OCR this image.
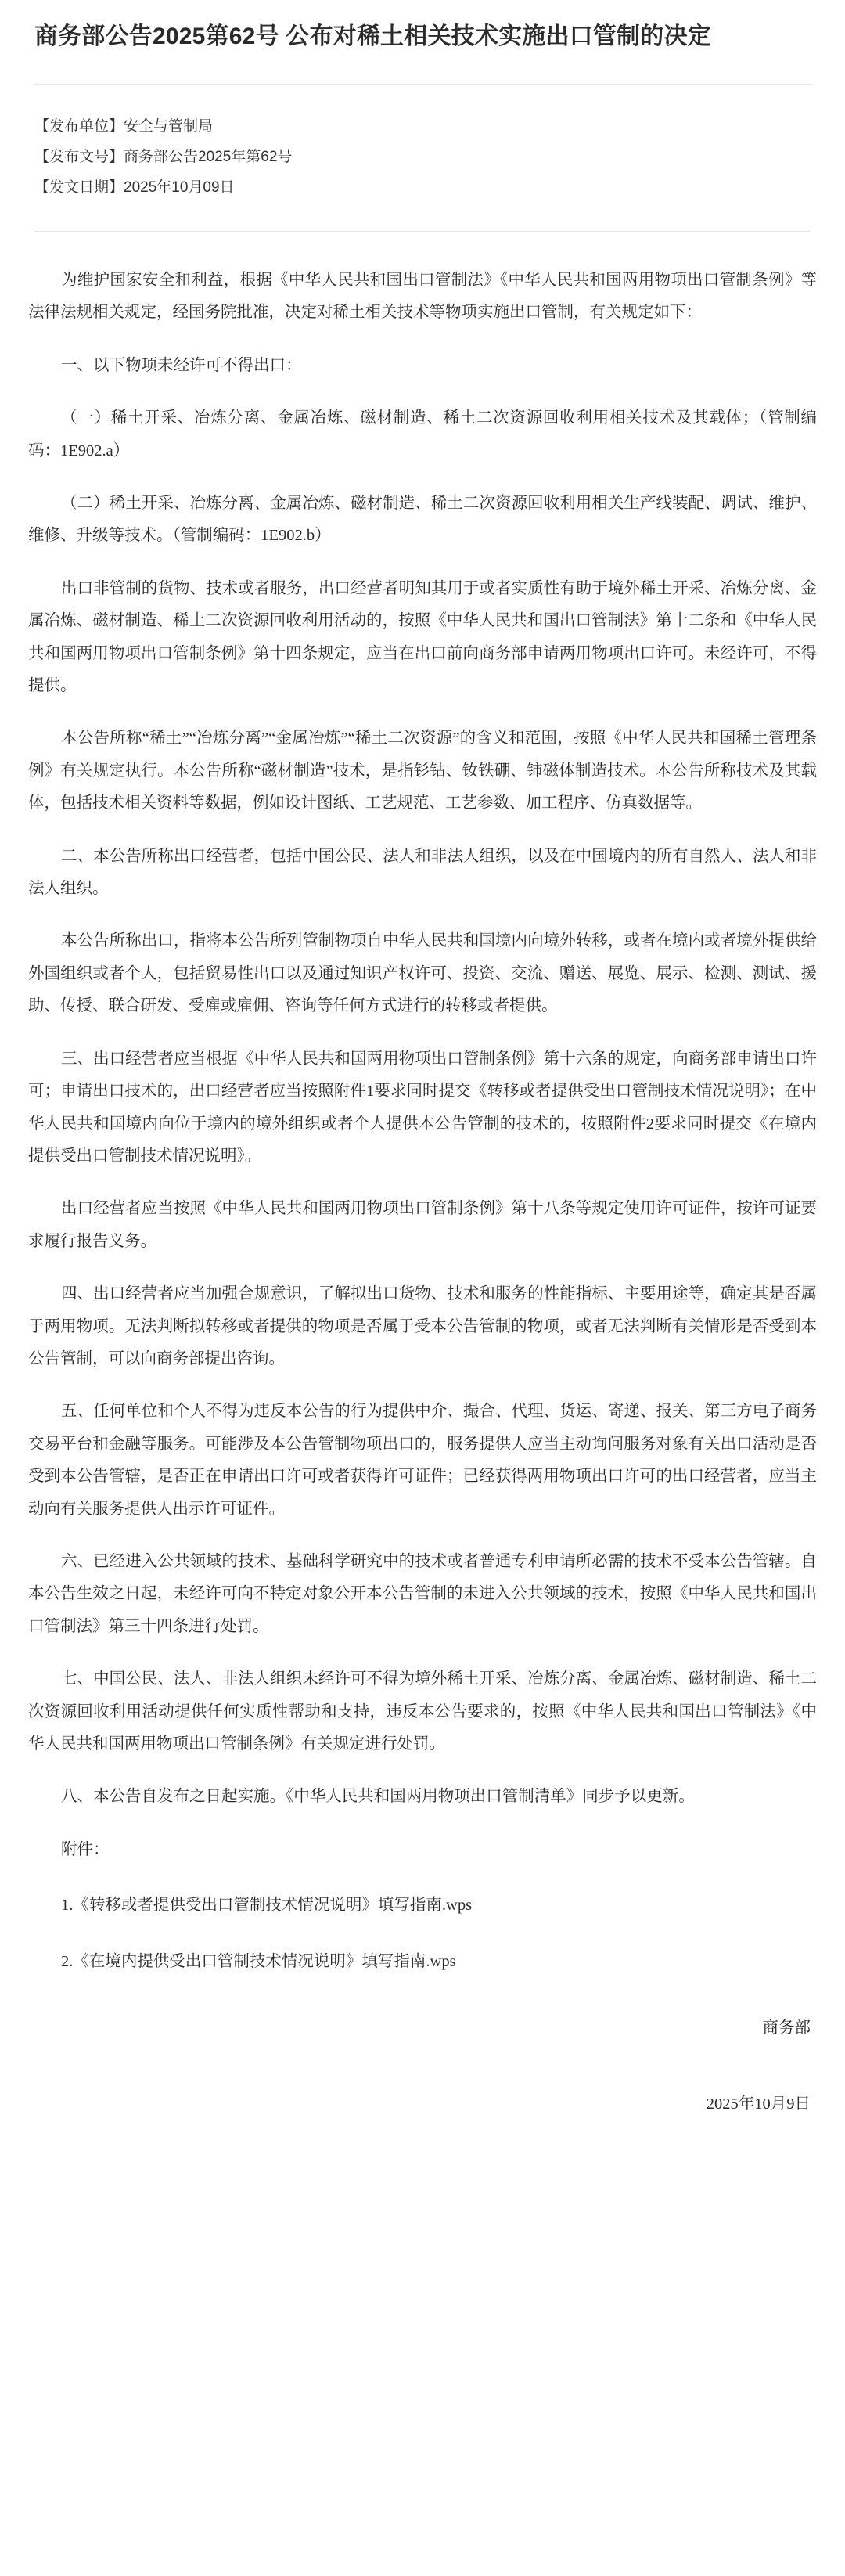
商务部公告2025第62号 公布对稀土相关技术实施出口管制的决定
【发布单位】安全与管制局
【发布文号】商务部公告2025年第62号
【发文日期】2025年10月09日

为维护国家安全和利益，根据《中华人民共和国出口管制法》《中华人民共和国两用物项出口管制条例》等法律法规相关规定，经国务院批准，决定对稀土相关技术等物项实施出口管制，有关规定如下：

一、以下物项未经许可不得出口：

（一）稀土开采、冶炼分离、金属冶炼、磁材制造、稀土二次资源回收利用相关技术及其载体；（管制编码：1E902.a）

（二）稀土开采、冶炼分离、金属冶炼、磁材制造、稀土二次资源回收利用相关生产线装配、调试、维护、维修、升级等技术。（管制编码：1E902.b）

出口非管制的货物、技术或者服务，出口经营者明知其用于或者实质性有助于境外稀土开采、冶炼分离、金属冶炼、磁材制造、稀土二次资源回收利用活动的，按照《中华人民共和国出口管制法》第十二条和《中华人民共和国两用物项出口管制条例》第十四条规定，应当在出口前向商务部申请两用物项出口许可。未经许可，不得提供。

本公告所称“稀土”“冶炼分离”“金属冶炼”“稀土二次资源”的含义和范围，按照《中华人民共和国稀土管理条例》有关规定执行。本公告所称“磁材制造”技术，是指钐钴、钕铁硼、铈磁体制造技术。本公告所称技术及其载体，包括技术相关资料等数据，例如设计图纸、工艺规范、工艺参数、加工程序、仿真数据等。

二、本公告所称出口经营者，包括中国公民、法人和非法人组织，以及在中国境内的所有自然人、法人和非法人组织。

本公告所称出口，指将本公告所列管制物项自中华人民共和国境内向境外转移，或者在境内或者境外提供给外国组织或者个人，包括贸易性出口以及通过知识产权许可、投资、交流、赠送、展览、展示、检测、测试、援助、传授、联合研发、受雇或雇佣、咨询等任何方式进行的转移或者提供。

三、出口经营者应当根据《中华人民共和国两用物项出口管制条例》第十六条的规定，向商务部申请出口许可；申请出口技术的，出口经营者应当按照附件1要求同时提交《转移或者提供受出口管制技术情况说明》；在中华人民共和国境内向位于境内的境外组织或者个人提供本公告管制的技术的，按照附件2要求同时提交《在境内提供受出口管制技术情况说明》。

出口经营者应当按照《中华人民共和国两用物项出口管制条例》第十八条等规定使用许可证件，按许可证要求履行报告义务。

四、出口经营者应当加强合规意识，了解拟出口货物、技术和服务的性能指标、主要用途等，确定其是否属于两用物项。无法判断拟转移或者提供的物项是否属于受本公告管制的物项，或者无法判断有关情形是否受到本公告管制，可以向商务部提出咨询。

五、任何单位和个人不得为违反本公告的行为提供中介、撮合、代理、货运、寄递、报关、第三方电子商务交易平台和金融等服务。可能涉及本公告管制物项出口的，服务提供人应当主动询问服务对象有关出口活动是否受到本公告管辖，是否正在申请出口许可或者获得许可证件；已经获得两用物项出口许可的出口经营者，应当主动向有关服务提供人出示许可证件。

六、已经进入公共领域的技术、基础科学研究中的技术或者普通专利申请所必需的技术不受本公告管辖。自本公告生效之日起，未经许可向不特定对象公开本公告管制的未进入公共领域的技术，按照《中华人民共和国出口管制法》第三十四条进行处罚。

七、中国公民、法人、非法人组织未经许可不得为境外稀土开采、冶炼分离、金属冶炼、磁材制造、稀土二次资源回收利用活动提供任何实质性帮助和支持，违反本公告要求的，按照《中华人民共和国出口管制法》《中华人民共和国两用物项出口管制条例》有关规定进行处罚。

八、本公告自发布之日起实施。《中华人民共和国两用物项出口管制清单》同步予以更新。

附件：

1.《转移或者提供受出口管制技术情况说明》填写指南.wps

2.《在境内提供受出口管制技术情况说明》填写指南.wps

商务部

2025年10月9日
